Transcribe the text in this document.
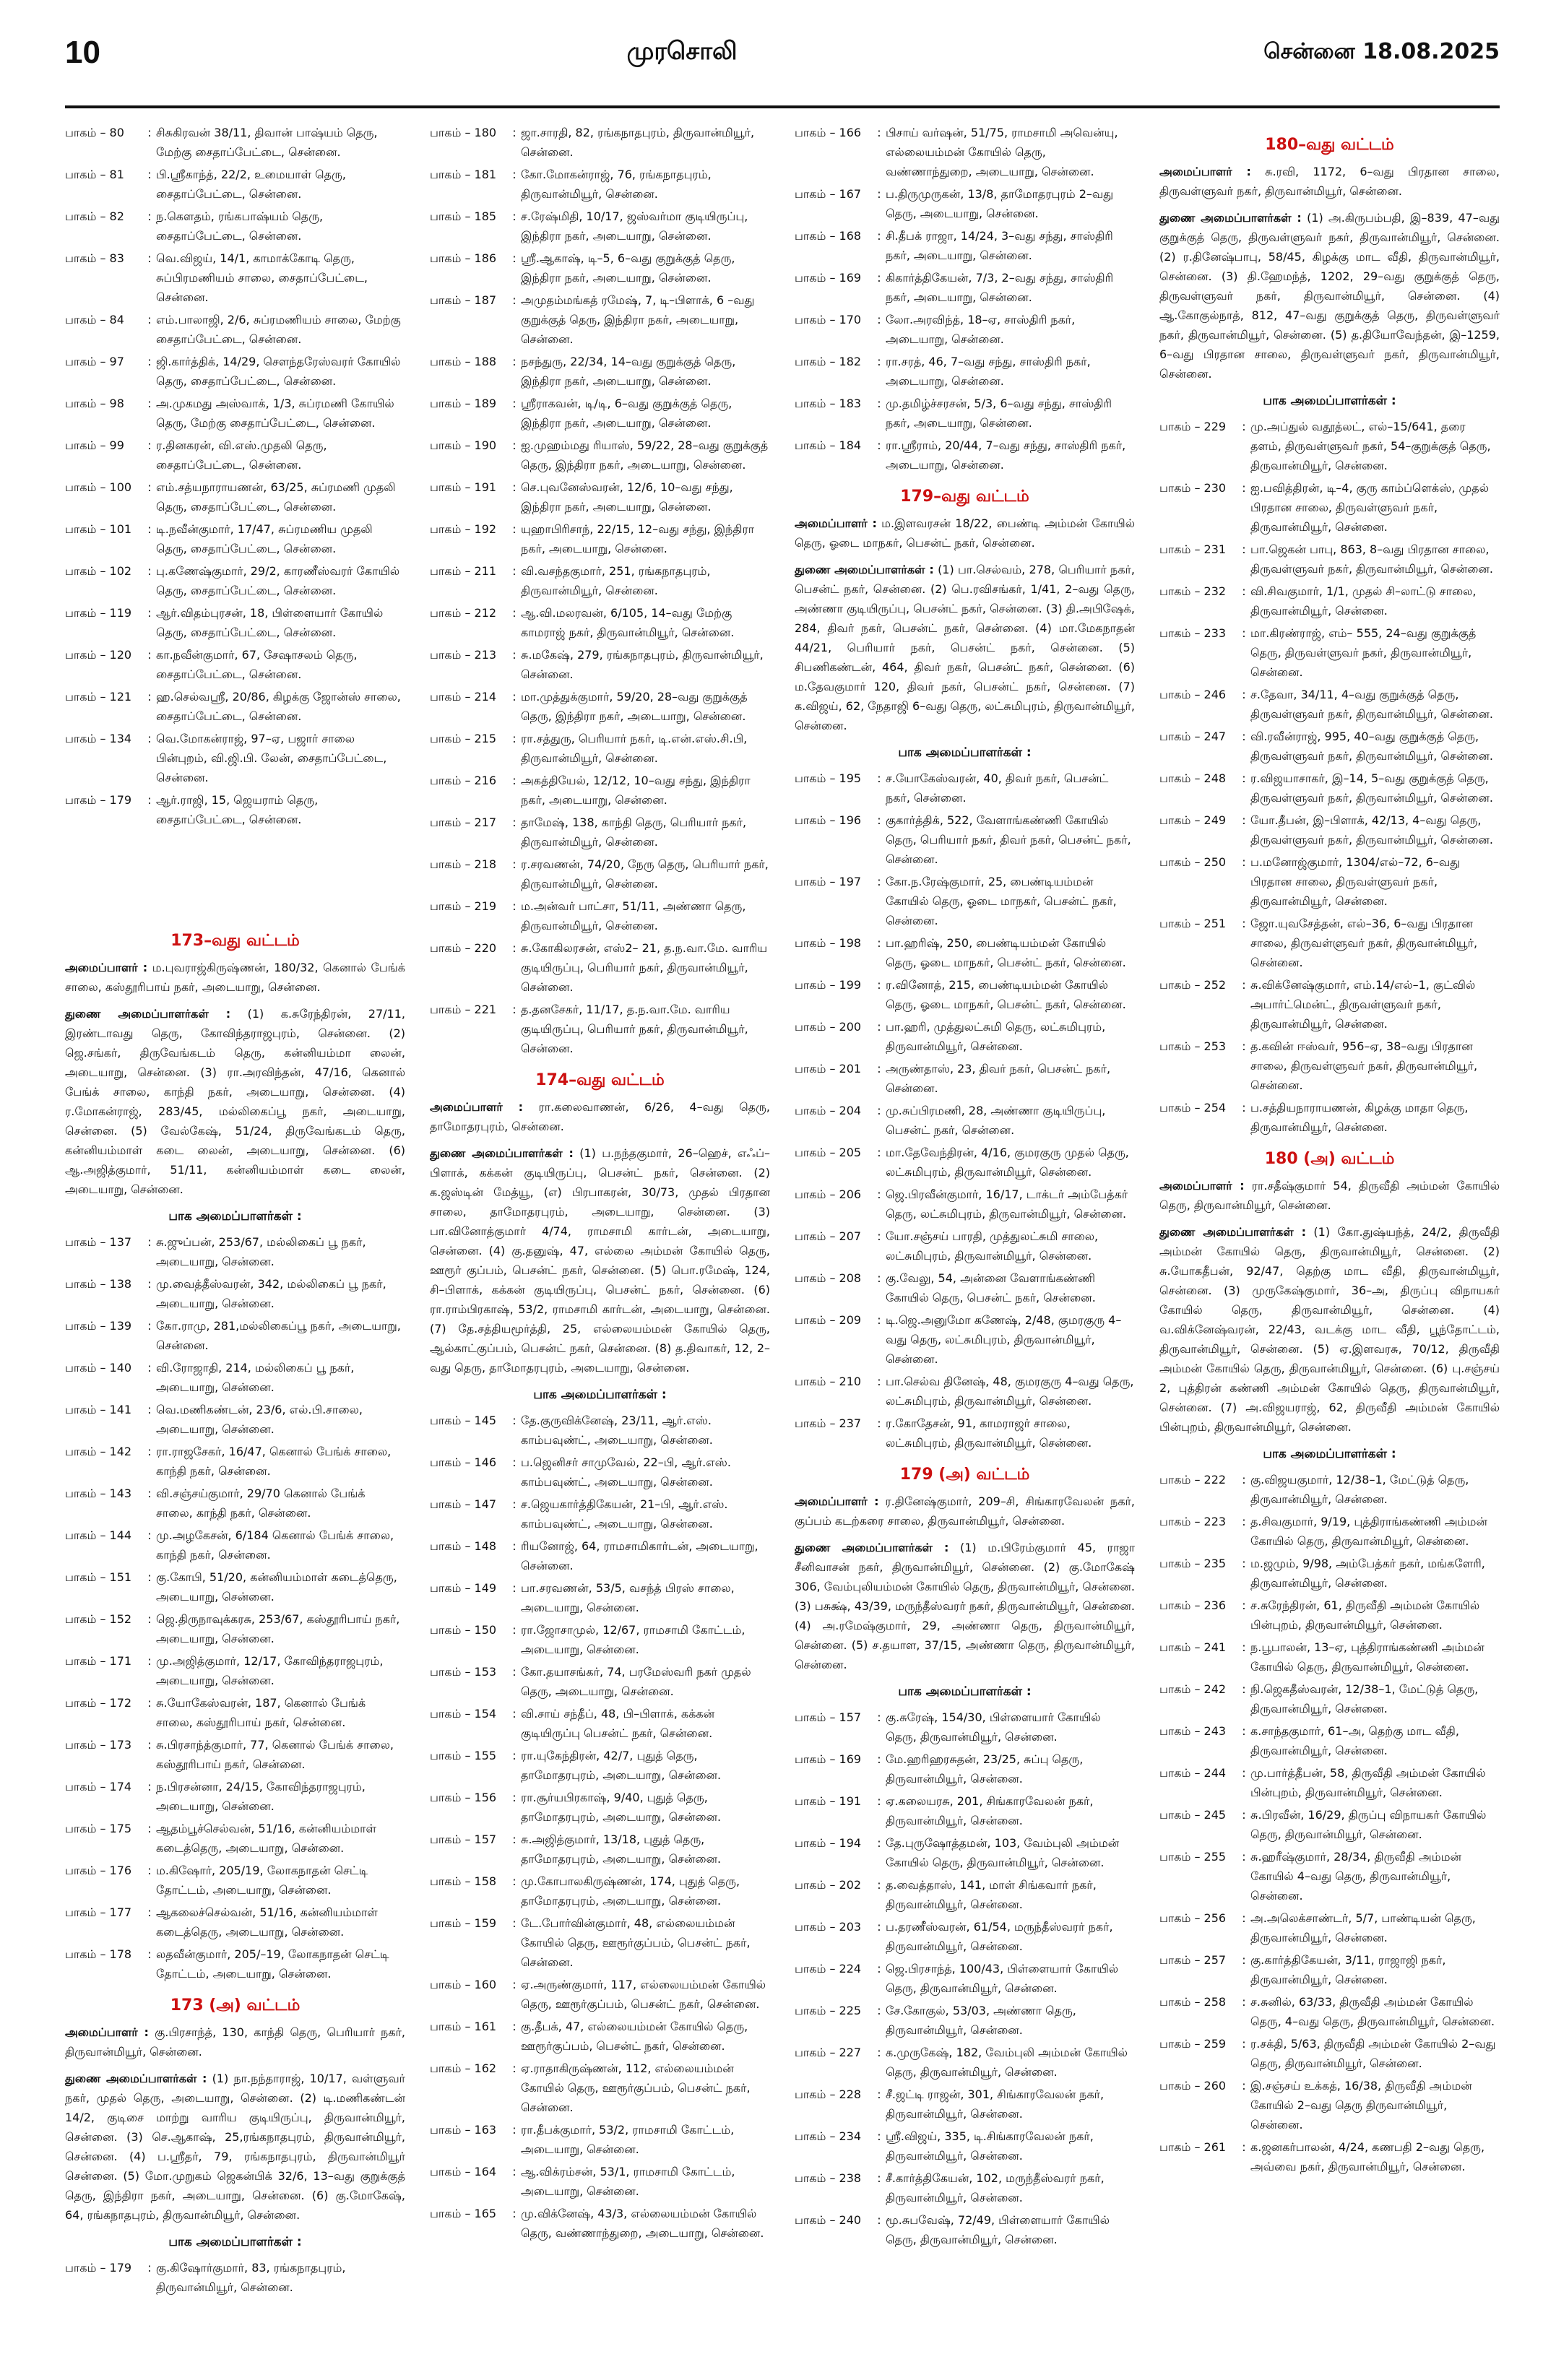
10	முரசொலி	சென்னை 18.08.2025
பாகம் – 80	: சிசுகிரவன் 38/11, திவான் பாஷ்யம் தெரு, மேற்கு சைதாப்பேட்டை, சென்னை.
பாகம் – 81	: பி.ஸ்ரீகாந்த், 22/2, உமையாள் தெரு, சைதாப்பேட்டை, சென்னை.
பாகம் – 82	: ந.கௌதம், ரங்கபாஷ்யம் தெரு, சைதாப்பேட்டை, சென்னை.
பாகம் – 83	: வெ.விஜய், 14/1, காமாக்கோடி தெரு, சுப்பிரமணியம் சாலை, சைதாப்பேட்டை, சென்னை.
பாகம் – 84	: எம்.பாலாஜி, 2/6, சுப்ரமணியம் சாலை, மேற்கு சைதாப்பேட்டை, சென்னை.
பாகம் – 97	: ஜி.கார்த்திக், 14/29, சௌந்தரேஸ்வரர் கோயில் தெரு, சைதாப்பேட்டை, சென்னை.
பாகம் – 98	: அ.முகமது அஸ்வாக், 1/3, சுப்ரமணி கோயில் தெரு, மேற்கு சைதாப்பேட்டை, சென்னை.
பாகம் – 99	: ர.தினகரன், வி.எஸ்.முதலி தெரு, சைதாப்பேட்டை, சென்னை.
பாகம் – 100	: எம்.சத்யநாராயணன், 63/25, சுப்ரமணி முதலி தெரு, சைதாப்பேட்டை, சென்னை.
பாகம் – 101	: டி.நவீன்குமார், 17/47, சுப்ரமணிய முதலி தெரு, சைதாப்பேட்டை, சென்னை.
பாகம் – 102	: பு.கணேஷ்குமார், 29/2, காரணீஸ்வரர் கோயில் தெரு, சைதாப்பேட்டை, சென்னை.
பாகம் – 119	: ஆர்.விதம்புரசன், 18, பிள்ளையார் கோயில் தெரு, சைதாப்பேட்டை, சென்னை.
பாகம் – 120	: கா.நவீன்குமார், 67, சேஷாசலம் தெரு, சைதாப்பேட்டை, சென்னை.
பாகம் – 121	: ஹ.செல்வஸ்ரீ, 20/86, கிழக்கு ஜோன்ஸ் சாலை, சைதாப்பேட்டை, சென்னை.
பாகம் – 134	: வெ.மோகன்ராஜ், 97–ஏ, பஜார் சாலை பின்புறம், வி.ஜி.பி. லேன், சைதாப்பேட்டை, சென்னை.
பாகம் – 179	: ஆர்.ராஜி, 15, ஜெயராம் தெரு, சைதாப்பேட்டை, சென்னை.
173–வது வட்டம்

அமைப்பாளர் : ம.புவராஜ்கிருஷ்ணன், 180/32, கெனால் பேங்க் சாலை, கஸ்தூரிபாய் நகர், அடையாறு, சென்னை.

துணை அமைப்பாளர்கள் : (1) க.சுரேந்திரன், 27/11, இரண்டாவது தெரு, கோவிந்தராஜபுரம், சென்னை. (2) ஜெ.சங்கர், திருவேங்கடம் தெரு, கன்னியம்மா லைன், அடையாறு, சென்னை. (3) ரா.அரவிந்தன், 47/16, கெனால் பேங்க் சாலை, காந்தி நகர், அடையாறு, சென்னை. (4) ர.மோகன்ராஜ், 283/45, மல்லிகைப்பூ நகர், அடையாறு, சென்னை. (5) வேல்கேஷ், 51/24, திருவேங்கடம் தெரு, கன்னியம்மாள் கடை லைன், அடையாறு, சென்னை. (6) ஆ.அஜித்குமார், 51/11, கன்னியம்மாள் கடை லைன், அடையாறு, சென்னை.

பாக அமைப்பாளர்கள் :
பாகம் – 137	: சு.ஜுப்பன், 253/67, மல்லிகைப் பூ நகர், அடையாறு, சென்னை.
பாகம் – 138	: மு.வைத்தீஸ்வரன், 342, மல்லிகைப் பூ நகர், அடையாறு, சென்னை.
பாகம் – 139	: கோ.ராமு, 281,மல்லிகைப்பூ நகர், அடையாறு, சென்னை.
பாகம் – 140	: வி.ரோஜாதி, 214, மல்லிகைப் பூ நகர், அடையாறு, சென்னை.
பாகம் – 141	: வெ.மணிகண்டன், 23/6, எல்.பி.சாலை, அடையாறு, சென்னை.
பாகம் – 142	: ரா.ராஜசேகர், 16/47, கெனால் பேங்க் சாலை, காந்தி நகர், சென்னை.
பாகம் – 143	: வி.சஞ்சய்குமார், 29/70 கெனால் பேங்க் சாலை, காந்தி நகர், சென்னை.
பாகம் – 144	: மு.அழகேசன், 6/184 கெனால் பேங்க் சாலை, காந்தி நகர், சென்னை.
பாகம் – 151	: கு.கோபி, 51/20, கன்னியம்மாள் கடைத்தெரு, அடையாறு, சென்னை.
பாகம் – 152	: ஜெ.திருநாவுக்கரசு, 253/67, கஸ்தூரிபாய் நகர், அடையாறு, சென்னை.
பாகம் – 171	: மு.அஜித்குமார், 12/17, கோவிந்தராஜபுரம், அடையாறு, சென்னை.
பாகம் – 172	: சு.யோகேஸ்வரன், 187, கெனால் பேங்க் சாலை, கஸ்தூரிபாய் நகர், சென்னை.
பாகம் – 173	: சு.பிரசாந்த்குமார், 77, கெனால் பேங்க் சாலை, கஸ்தூரிபாய் நகர், சென்னை.
பாகம் – 174	: ந.பிரசன்னா, 24/15, கோவிந்தராஜபுரம், அடையாறு, சென்னை.
பாகம் – 175	: ஆதம்பூச்செல்வன், 51/16, கன்னியம்மாள் கடைத்தெரு, அடையாறு, சென்னை.
பாகம் – 176	: ம.கிஷோர், 205/19, லோகநாதன் செட்டி தோட்டம், அடையாறு, சென்னை.
பாகம் – 177	: ஆகலைச்செல்வன், 51/16, கன்னியம்மாள் கடைத்தெரு, அடையாறு, சென்னை.
பாகம் – 178	: லதவீன்குமார், 205/–19, லோகநாதன் செட்டி தோட்டம், அடையாறு, சென்னை.
173 (அ) வட்டம்

அமைப்பாளர் : கு.பிரசாந்த், 130, காந்தி தெரு, பெரியார் நகர், திருவான்மியூர், சென்னை.

துணை அமைப்பாளர்கள் : (1) நா.நந்தாராஜ், 10/17, வள்ளுவர் நகர், முதல் தெரு, அடையாறு, சென்னை. (2) டி.மணிகண்டன் 14/2, குடிசை மாற்று வாரிய குடியிருப்பு, திருவான்மியூர், சென்னை. (3) செ.ஆகாஷ், 25,ரங்கநாதபுரம், திருவான்மியூர், சென்னை. (4) ப.ஸ்ரீதர், 79, ரங்கநாதபுரம், திருவான்மியூர் சென்னை. (5) மோ.முறுகம் ஜெகன்பிக் 32/6, 13–வது குறுக்குத் தெரு, இந்திரா நகர், அடையாறு, சென்னை. (6) கு.மோகேஷ், 64, ரங்கநாதபுரம், திருவான்மியூர், சென்னை.

பாக அமைப்பாளர்கள் :
பாகம் – 179	: கு.கிஷோர்குமார், 83, ரங்கநாதபுரம், திருவான்மியூர், சென்னை.
பாகம் – 180	: ஜா.சாரதி, 82, ரங்கநாதபுரம், திருவான்மியூர், சென்னை.
பாகம் – 181	: கோ.மோகன்ராஜ், 76, ரங்கநாதபுரம், திருவான்மியூர், சென்னை.
பாகம் – 185	: ச.ரேஷ்மிதி, 10/17, ஜஸ்வர்மா குடியிருப்பு, இந்திரா நகர், அடையாறு, சென்னை.
பாகம் – 186	: ஸ்ரீ.ஆகாஷ், டி–5, 6–வது குறுக்குத் தெரு, இந்திரா நகர், அடையாறு, சென்னை.
பாகம் – 187	: அமுதம்மங்கத் ரமேஷ், 7, டி–பிளாக், 6 –வது குறுக்குத் தெரு, இந்திரா நகர், அடையாறு, சென்னை.
பாகம் – 188	: நசந்துரு, 22/34, 14–வது குறுக்குத் தெரு, இந்திரா நகர், அடையாறு, சென்னை.
பாகம் – 189	: ஸ்ரீராகவன், டி/டி, 6–வது குறுக்குத் தெரு, இந்திரா நகர், அடையாறு, சென்னை.
பாகம் – 190	: ஐ.முஹம்மது ரியாஸ், 59/22, 28–வது குறுக்குத் தெரு, இந்திரா நகர், அடையாறு, சென்னை.
பாகம் – 191	: செ.புவனேஸ்வரன், 12/6, 10–வது சந்து, இந்திரா நகர், அடையாறு, சென்னை.
பாகம் – 192	: யுஹாபிரிசாந், 22/15, 12–வது சந்து, இந்திரா நகர், அடையாறு, சென்னை.
பாகம் – 211	: வி.வசந்தகுமார், 251, ரங்கநாதபுரம், திருவான்மியூர், சென்னை.
பாகம் – 212	: ஆ.வி.மலரவன், 6/105, 14–வது மேற்கு காமராஜ் நகர், திருவான்மியூர், சென்னை.
பாகம் – 213	: சு.மகேஷ், 279, ரங்கநாதபுரம், திருவான்மியூர், சென்னை.
பாகம் – 214	: மா.முத்துக்குமார், 59/20, 28–வது குறுக்குத் தெரு, இந்திரா நகர், அடையாறு, சென்னை.
பாகம் – 215	: ரா.சத்துரு, பெரியார் நகர், டி.என்.எஸ்.சி.பி, திருவான்மியூர், சென்னை.
பாகம் – 216	: அகத்தியேல், 12/12, 10–வது சந்து, இந்திரா நகர், அடையாறு, சென்னை.
பாகம் – 217	: தாமேஷ், 138, காந்தி தெரு, பெரியார் நகர், திருவான்மியூர், சென்னை.
பாகம் – 218	: ர.சரவணன், 74/20, நேரு தெரு, பெரியார் நகர், திருவான்மியூர், சென்னை.
பாகம் – 219	: ம.அன்வர் பாட்சா, 51/11, அண்ணா தெரு, திருவான்மியூர், சென்னை.
பாகம் – 220	: சு.கோகிலரசன், எஸ்2– 21, த.ந.வா.மே. வாரிய குடியிருப்பு, பெரியார் நகர், திருவான்மியூர், சென்னை.
பாகம் – 221	: த.தனசேகர், 11/17, த.ந.வா.மே. வாரிய குடியிருப்பு, பெரியார் நகர், திருவான்மியூர், சென்னை.
174–வது வட்டம்

அமைப்பாளர் : ரா.கலைவாணன், 6/26, 4–வது தெரு, தாமோதரபுரம், சென்னை.

துணை அமைப்பாளர்கள் : (1) ப.நந்தகுமார், 26–ஹெச், எஃப்–பிளாக், கக்கன் குடியிருப்பு, பெசன்ட் நகர், சென்னை. (2) க.ஜஸ்டின் மேத்யூ, (எ) பிரபாகரன், 30/73, முதல் பிரதான சாலை, தாமோதரபுரம், அடையாறு, சென்னை. (3) பா.வினோத்குமார் 4/74, ராமசாமி கார்டன், அடையாறு, சென்னை. (4) கு.தனுஷ், 47, எல்லை அம்மன் கோயில் தெரு, ஊரூர் குப்பம், பெசன்ட் நகர், சென்னை. (5) பொ.ரமேஷ், 124, சி–பிளாக், கக்கன் குடியிருப்பு, பெசன்ட் நகர், சென்னை. (6) ரா.ராம்பிரகாஷ், 53/2, ராமசாமி கார்டன், அடையாறு, சென்னை. (7) தே.சத்தியமூர்த்தி, 25, எல்லையம்மன் கோயில் தெரு, ஆல்காட்குப்பம், பெசன்ட் நகர், சென்னை. (8) த.திவாகர், 12, 2–வது தெரு, தாமோதரபுரம், அடையாறு, சென்னை.

பாக அமைப்பாளர்கள் :
பாகம் – 145	: தே.குருவிக்னேஷ், 23/11, ஆர்.எஸ். காம்பவுண்ட், அடையாறு, சென்னை.
பாகம் – 146	: ப.ஜெனிசர் சாமுவேல், 22–பி, ஆர்.எஸ். காம்பவுண்ட், அடையாறு, சென்னை.
பாகம் – 147	: ச.ஜெயகார்த்திகேயன், 21–பி, ஆர்.எஸ். காம்பவுண்ட், அடையாறு, சென்னை.
பாகம் – 148	: ரியனோஜ், 64, ராமசாமிகார்டன், அடையாறு, சென்னை.
பாகம் – 149	: பா.சரவணன், 53/5, வசந்த் பிரஸ் சாலை, அடையாறு, சென்னை.
பாகம் – 150	: ரா.ஜோசாமுல், 12/67, ராமசாமி கோட்டம், அடையாறு, சென்னை.
பாகம் – 153	: கோ.தயாசங்கர், 74, பரமேஸ்வரி நகர் முதல் தெரு, அடையாறு, சென்னை.
பாகம் – 154	: வி.சாய் சந்தீப், 48, பி–பிளாக், கக்கன் குடியிருப்பு பெசன்ட் நகர், சென்னை.
பாகம் – 155	: ரா.யுகேந்திரன், 42/7, புதுத் தெரு, தாமோதரபுரம், அடையாறு, சென்னை.
பாகம் – 156	: ரா.சூர்யபிரகாஷ், 9/40, புதுத் தெரு, தாமோதரபுரம், அடையாறு, சென்னை.
பாகம் – 157	: சு.அஜித்குமார், 13/18, புதுத் தெரு, தாமோதரபுரம், அடையாறு, சென்னை.
பாகம் – 158	: மு.கோபாலகிருஷ்ணன், 174, புதுத் தெரு, தாமோதரபுரம், அடையாறு, சென்னை.
பாகம் – 159	: டே.போர்வின்குமார், 48, எல்லையம்மன் கோயில் தெரு, ஊரூர்குப்பம், பெசன்ட் நகர், சென்னை.
பாகம் – 160	: ஏ.அருண்குமார், 117, எல்லையம்மன் கோயில் தெரு, ஊரூர்குப்பம், பெசன்ட் நகர், சென்னை.
பாகம் – 161	: கு.தீபக், 47, எல்லையம்மன் கோயில் தெரு, ஊரூர்குப்பம், பெசன்ட் நகர், சென்னை.
பாகம் – 162	: ஏ.ராதாகிருஷ்ணன், 112, எல்லையம்மன் கோயில் தெரு, ஊரூர்குப்பம், பெசன்ட் நகர், சென்னை.
பாகம் – 163	: ரா.தீபக்குமார், 53/2, ராமசாமி கோட்டம், அடையாறு, சென்னை.
பாகம் – 164	: ஆ.விக்ரம்சன், 53/1, ராமசாமி கோட்டம், அடையாறு, சென்னை.
பாகம் – 165	: மு.விக்னேஷ், 43/3, எல்லையம்மன் கோயில் தெரு, வண்ணாந்துறை, அடையாறு, சென்னை.
பாகம் – 166	: பிசாய் வர்ஷன், 51/75, ராமசாமி அவென்யு, எல்லையம்மன் கோயில் தெரு, வண்ணாந்துறை, அடையாறு, சென்னை.
பாகம் – 167	: ப.திருமுருகன், 13/8, தாமோதரபுரம் 2–வது தெரு, அடையாறு, சென்னை.
பாகம் – 168	: சி.தீபக் ராஜா, 14/24, 3–வது சந்து, சாஸ்திரி நகர், அடையாறு, சென்னை.
பாகம் – 169	: கிகார்த்திகேயன், 7/3, 2–வது சந்து, சாஸ்திரி நகர், அடையாறு, சென்னை.
பாகம் – 170	: லோ.அரவிந்த், 18–ஏ, சாஸ்திரி நகர், அடையாறு, சென்னை.
பாகம் – 182	: ரா.சரத், 46, 7–வது சந்து, சாஸ்திரி நகர், அடையாறு, சென்னை.
பாகம் – 183	: மு.தமிழ்ச்சரசன், 5/3, 6–வது சந்து, சாஸ்திரி நகர், அடையாறு, சென்னை.
பாகம் – 184	: ரா.ஸ்ரீராம், 20/44, 7–வது சந்து, சாஸ்திரி நகர், அடையாறு, சென்னை.
179–வது வட்டம்

அமைப்பாளர் : ம.இளவரசன் 18/22, பைண்டி அம்மன் கோயில் தெரு, ஓடை மாநகர், பெசன்ட் நகர், சென்னை.

துணை அமைப்பாளர்கள் : (1) பா.செல்வம், 278, பெரியார் நகர், பெசன்ட் நகர், சென்னை. (2) பெ.ரவிசங்கர், 1/41, 2–வது தெரு, அண்ணா குடியிருப்பு, பெசன்ட் நகர், சென்னை. (3) தி.அபிஷேக், 284, திவர் நகர், பெசன்ட் நகர், சென்னை. (4) மா.மேகநாதன் 44/21, பெரியார் நகர், பெசன்ட் நகர், சென்னை. (5) சிபணிகண்டன், 464, திவர் நகர், பெசன்ட் நகர், சென்னை. (6) ம.தேவகுமார் 120, திவர் நகர், பெசன்ட் நகர், சென்னை. (7) க.விஜய், 62, நேதாஜி 6–வது தெரு, லட்சுமிபுரம், திருவான்மியூர், சென்னை.

பாக அமைப்பாளர்கள் :
பாகம் – 195	: ச.யோகேஸ்வரன், 40, திவர் நகர், பெசன்ட் நகர், சென்னை.
பாகம் – 196	: குகார்த்திக், 522, வேளாங்கண்ணி கோயில் தெரு, பெரியார் நகர், திவர் நகர், பெசன்ட் நகர், சென்னை.
பாகம் – 197	: கோ.ந.ரேஷ்குமார், 25, பைண்டியம்மன் கோயில் தெரு, ஓடை மாநகர், பெசன்ட் நகர், சென்னை.
பாகம் – 198	: பா.ஹரிஷ், 250, பைண்டியம்மன் கோயில் தெரு, ஓடை மாநகர், பெசன்ட் நகர், சென்னை.
பாகம் – 199	: ர.வினோத், 215, பைண்டியம்மன் கோயில் தெரு, ஓடை மாநகர், பெசன்ட் நகர், சென்னை.
பாகம் – 200	: பா.ஹரி, முத்துலட்சுமி தெரு, லட்சுமிபுரம், திருவான்மியூர், சென்னை.
பாகம் – 201	: அருண்தாஸ், 23, திவர் நகர், பெசன்ட் நகர், சென்னை.
பாகம் – 204	: மு.சுப்பிரமணி, 28, அண்ணா குடியிருப்பு, பெசன்ட் நகர், சென்னை.
பாகம் – 205	: மா.தேவேந்திரன், 4/16, குமரகுரு முதல் தெரு, லட்சுமிபுரம், திருவான்மியூர், சென்னை.
பாகம் – 206	: ஜெ.பிரவீன்குமார், 16/17, டாக்டர் அம்பேத்கர் தெரு, லட்சுமிபுரம், திருவான்மியூர், சென்னை.
பாகம் – 207	: யோ.சஞ்சய் பாரதி, முத்துலட்சுமி சாலை, லட்சுமிபுரம், திருவான்மியூர், சென்னை.
பாகம் – 208	: கு.வேலு, 54, அன்னை வேளாங்கண்ணி கோயில் தெரு, பெசன்ட் நகர், சென்னை.
பாகம் – 209	: டி.ஜெ.அனுமோ கணேஷ், 2/48, குமரகுரு 4–வது தெரு, லட்சுமிபுரம், திருவான்மியூர், சென்னை.
பாகம் – 210	: பா.செல்வ தினேஷ், 48, குமரகுரு 4–வது தெரு, லட்சுமிபுரம், திருவான்மியூர், சென்னை.
பாகம் – 237	: ர.கோதேசன், 91, காமராஜர் சாலை, லட்சுமிபுரம், திருவான்மியூர், சென்னை.
179 (அ) வட்டம்

அமைப்பாளர் : ர.தினேஷ்குமார், 209–சி, சிங்காரவேலன் நகர், குப்பம் கடற்கரை சாலை, திருவான்மியூர், சென்னை.

துணை அமைப்பாளர்கள் : (1) ம.பிரேம்குமார் 45, ராஜா சீனிவாசன் நகர், திருவான்மியூர், சென்னை. (2) கு.மோகேஷ் 306, வேம்புலியம்மன் கோயில் தெரு, திருவான்மியூர், சென்னை. (3) பசுக்ஷ், 43/39, மருந்தீஸ்வரர் நகர், திருவான்மியூர், சென்னை. (4) அ.ரமேஷ்குமார், 29, அண்ணா தெரு, திருவான்மியூர், சென்னை. (5) ச.தயாள, 37/15, அண்ணா தெரு, திருவான்மியூர், சென்னை.

பாக அமைப்பாளர்கள் :
பாகம் – 157	: கு.சுரேஷ், 154/30, பிள்ளையார் கோயில் தெரு, திருவான்மியூர், சென்னை.
பாகம் – 169	: மே.ஹரிஹரசுதன், 23/25, சுப்பு தெரு, திருவான்மியூர், சென்னை.
பாகம் – 191	: ஏ.கலையரசு, 201, சிங்காரவேலன் நகர், திருவான்மியூர், சென்னை.
பாகம் – 194	: தே.புருஷோத்தமன், 103, வேம்புலி அம்மன் கோயில் தெரு, திருவான்மியூர், சென்னை.
பாகம் – 202	: த.வைத்தாஸ், 141, மாள் சிங்கவார் நகர், திருவான்மியூர், சென்னை.
பாகம் – 203	: ப.தரணீஸ்வரன், 61/54, மருந்தீஸ்வரர் நகர், திருவான்மியூர், சென்னை.
பாகம் – 224	: ஜெ.பிரசாந்த், 100/43, பிள்ளையார் கோயில் தெரு, திருவான்மியூர், சென்னை.
பாகம் – 225	: சே.கோகுல், 53/03, அண்ணா தெரு, திருவான்மியூர், சென்னை.
பாகம் – 227	: க.முருகேஷ், 182, வேம்புலி அம்மன் கோயில் தெரு, திருவான்மியூர், சென்னை.
பாகம் – 228	: சீ.ஜட்டி ராஜன், 301, சிங்காரவேலன் நகர், திருவான்மியூர், சென்னை.
பாகம் – 234	: ஸ்ரீ.விஜய், 335, டி.சிங்காரவேலன் நகர், திருவான்மியூர், சென்னை.
பாகம் – 238	: சீ.கார்த்திகேயன், 102, மருந்தீஸ்வரர் நகர், திருவான்மியூர், சென்னை.
பாகம் – 240	: மூ.சுபவேஷ், 72/49, பிள்ளையார் கோயில் தெரு, திருவான்மியூர், சென்னை.
180–வது வட்டம்

அமைப்பாளர் : சு.ரவி, 1172, 6–வது பிரதான சாலை, திருவள்ளுவர் நகர், திருவான்மியூர், சென்னை.

துணை அமைப்பாளர்கள் : (1) அ.கிருபம்பதி, இ–839, 47–வது குறுக்குத் தெரு, திருவள்ளுவர் நகர், திருவான்மியூர், சென்னை. (2) ர.தினேஷ்பாபு, 58/45, கிழக்கு மாட வீதி, திருவான்மியூர், சென்னை. (3) தி.ஹேமந்த், 1202, 29–வது குறுக்குத் தெரு, திருவள்ளுவர் நகர், திருவான்மியூர், சென்னை. (4) ஆ.கோகுல்நாத், 812, 47–வது குறுக்குத் தெரு, திருவள்ளுவர் நகர், திருவான்மியூர், சென்னை. (5) த.தியோவேந்தன், இ–1259, 6–வது பிரதான சாலை, திருவள்ளுவர் நகர், திருவான்மியூர், சென்னை.

பாக அமைப்பாளர்கள் :
பாகம் – 229	: மு.அப்துல் வதூத்லட், எல்–15/641, தரை தளம், திருவள்ளுவர் நகர், 54–குறுக்குத் தெரு, திருவான்மியூர், சென்னை.
பாகம் – 230	: ஐ.பவித்திரன், டி–4, குரு காம்ப்ளெக்ஸ், முதல் பிரதான சாலை, திருவள்ளுவர் நகர், திருவான்மியூர், சென்னை.
பாகம் – 231	: பா.ஜெகன் பாபு, 863, 8–வது பிரதான சாலை, திருவள்ளுவர் நகர், திருவான்மியூர், சென்னை.
பாகம் – 232	: வி.சிவகுமார், 1/1, முதல் சி–லாட்டு சாலை, திருவான்மியூர், சென்னை.
பாகம் – 233	: மா.கிரண்ராஜ், எம்– 555, 24–வது குறுக்குத் தெரு, திருவள்ளுவர் நகர், திருவான்மியூர், சென்னை.
பாகம் – 246	: ச.தேவா, 34/11, 4–வது குறுக்குத் தெரு, திருவள்ளுவர் நகர், திருவான்மியூர், சென்னை.
பாகம் – 247	: வி.ரவீன்ராஜ், 995, 40–வது குறுக்குத் தெரு, திருவள்ளுவர் நகர், திருவான்மியூர், சென்னை.
பாகம் – 248	: ர.விஜயாசாகர், இ–14, 5–வது குறுக்குத் தெரு, திருவள்ளுவர் நகர், திருவான்மியூர், சென்னை.
பாகம் – 249	: யோ.தீபன், இ–பிளாக், 42/13, 4–வது தெரு, திருவள்ளுவர் நகர், திருவான்மியூர், சென்னை.
பாகம் – 250	: ப.மனோஜ்குமார், 1304/எல்–72, 6–வது பிரதான சாலை, திருவள்ளுவர் நகர், திருவான்மியூர், சென்னை.
பாகம் – 251	: ஜோ.யுவசேத்தன், எல்–36, 6–வது பிரதான சாலை, திருவள்ளுவர் நகர், திருவான்மியூர், சென்னை.
பாகம் – 252	: சு.விக்னேஷ்குமார், எம்.14/எல்–1, குட்வில் அபார்ட்மென்ட், திருவள்ளுவர் நகர், திருவான்மியூர், சென்னை.
பாகம் – 253	: த.கவின் ஈஸ்வர், 956–ஏ, 38–வது பிரதான சாலை, திருவள்ளுவர் நகர், திருவான்மியூர், சென்னை.
பாகம் – 254	: ப.சத்தியநாராயணன், கிழக்கு மாதா தெரு, திருவான்மியூர், சென்னை.
180 (அ) வட்டம்

அமைப்பாளர் : ரா.சதீஷ்குமார் 54, திருவீதி அம்மன் கோயில் தெரு, திருவான்மியூர், சென்னை.

துணை அமைப்பாளர்கள் : (1) கோ.துஷ்யந்த், 24/2, திருவீதி அம்மன் கோயில் தெரு, திருவான்மியூர், சென்னை. (2) சு.யோகதீபன், 92/47, தெற்கு மாட வீதி, திருவான்மியூர், சென்னை. (3) முருகேஷ்குமார், 36–அ, திருப்பு விநாயகர் கோயில் தெரு, திருவான்மியூர், சென்னை. (4) வ.விக்னேஷ்வரன், 22/43, வடக்கு மாட வீதி, பூந்தோட்டம், திருவான்மியூர், சென்னை. (5) ஏ.இளவரசு, 70/12, திருவீதி அம்மன் கோயில் தெரு, திருவான்மியூர், சென்னை. (6) பு.சஞ்சய் 2, புத்திரன் கண்ணி அம்மன் கோயில் தெரு, திருவான்மியூர், சென்னை. (7) அ.விஜயராஜ், 62, திருவீதி அம்மன் கோயில் பின்புறம், திருவான்மியூர், சென்னை.

பாக அமைப்பாளர்கள் :
பாகம் – 222	: கு.விஜயகுமார், 12/38–1, மேட்டுத் தெரு, திருவான்மியூர், சென்னை.
பாகம் – 223	: த.சிவகுமார், 9/19, புத்திராங்கண்ணி அம்மன் கோயில் தெரு, திருவான்மியூர், சென்னை.
பாகம் – 235	: ம.ஜமும், 9/98, அம்பேத்கர் நகர், மங்களேரி, திருவான்மியூர், சென்னை.
பாகம் – 236	: ச.சுரேந்திரன், 61, திருவீதி அம்மன் கோயில் பின்புறம், திருவான்மியூர், சென்னை.
பாகம் – 241	: ந.பூபாலன், 13–ஏ, புத்திராங்கண்ணி அம்மன் கோயில் தெரு, திருவான்மியூர், சென்னை.
பாகம் – 242	: நி.ஜெகதீஸ்வரன், 12/38–1, மேட்டுத் தெரு, திருவான்மியூர், சென்னை.
பாகம் – 243	: க.சாந்தகுமார், 61–அ, தெற்கு மாட வீதி, திருவான்மியூர், சென்னை.
பாகம் – 244	: மு.பார்த்தீபன், 58, திருவீதி அம்மன் கோயில் பின்புறம், திருவான்மியூர், சென்னை.
பாகம் – 245	: சு.பிரவீன், 16/29, திருப்பு விநாயகர் கோயில் தெரு, திருவான்மியூர், சென்னை.
பாகம் – 255	: சு.ஹரீஷ்குமார், 28/34, திருவீதி அம்மன் கோயில் 4–வது தெரு, திருவான்மியூர், சென்னை.
பாகம் – 256	: அ.அலெக்சாண்டர், 5/7, பாண்டியன் தெரு, திருவான்மியூர், சென்னை.
பாகம் – 257	: கு.கார்த்திகேயன், 3/11, ராஜாஜி நகர், திருவான்மியூர், சென்னை.
பாகம் – 258	: ச.சுனில், 63/33, திருவீதி அம்மன் கோயில் தெரு, 4–வது தெரு, திருவான்மியூர், சென்னை.
பாகம் – 259	: ர.சக்தி, 5/63, திருவீதி அம்மன் கோயில் 2–வது தெரு, திருவான்மியூர், சென்னை.
பாகம் – 260	: இ.சஞ்சய் உக்கத், 16/38, திருவீதி அம்மன் கோயில் 2–வது தெரு திருவான்மியூர், சென்னை.
பாகம் – 261	: க.ஜனகர்பாலன், 4/24, கணபதி 2–வது தெரு, அவ்வை நகர், திருவான்மியூர், சென்னை.
